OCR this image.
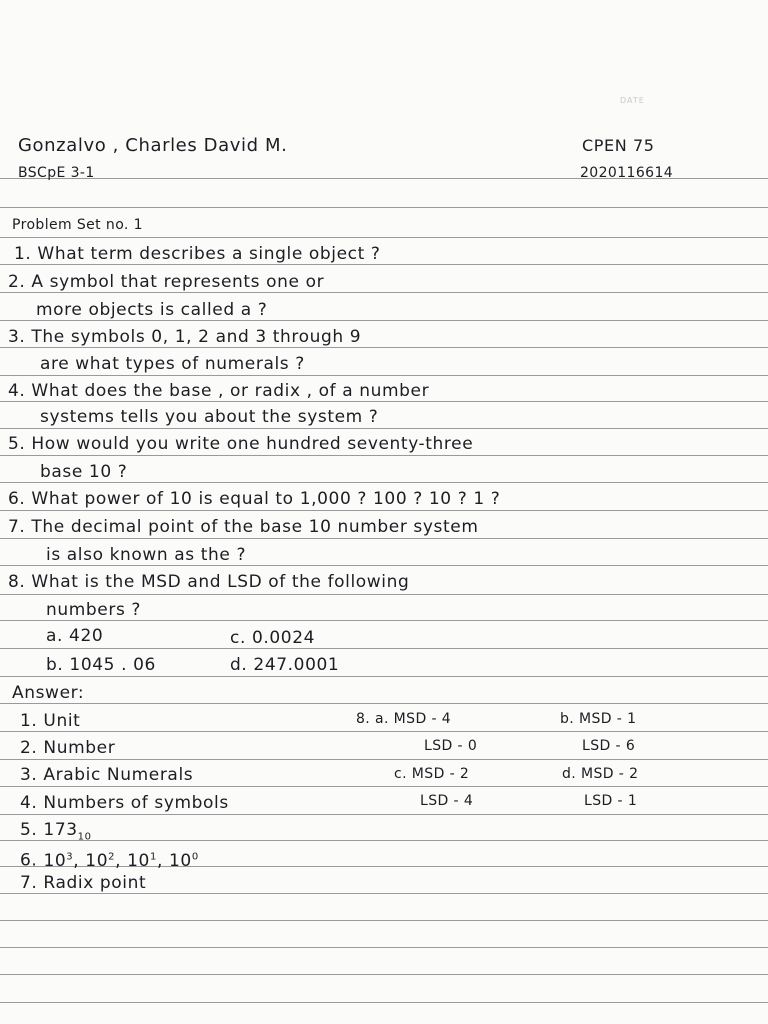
DATE
Gonzalvo , Charles David M.
BSCpE 3-1
CPEN 75
2020116614
Problem Set no. 1
1. What term describes a single object ?
2. A symbol that represents one or
more objects is called a ?
3. The symbols 0, 1, 2 and 3 through 9
are what types of numerals ?
4. What does the base , or radix , of a number
systems tells you about the system ?
5. How would you write one hundred seventy-three
base 10 ?
6. What power of 10 is equal to 1,000 ? 100 ? 10 ? 1 ?
7. The decimal point of the base 10 number system
is also known as the ?
8. What is the MSD and LSD of the following
numbers ?
a. 420	c. 0.0024
b. 1045 . 06	d. 247.0001
Answer:
1. Unit
2. Number
3. Arabic Numerals
4. Numbers of symbols
5. $173_{10}$
6. $10^3$, $10^2$, $10^1$, $10^0$
7. Radix point
8. a. MSD - 4
LSD - 0
b. MSD - 1
LSD - 6
c. MSD - 2
LSD - 4
d. MSD - 2
LSD - 1
